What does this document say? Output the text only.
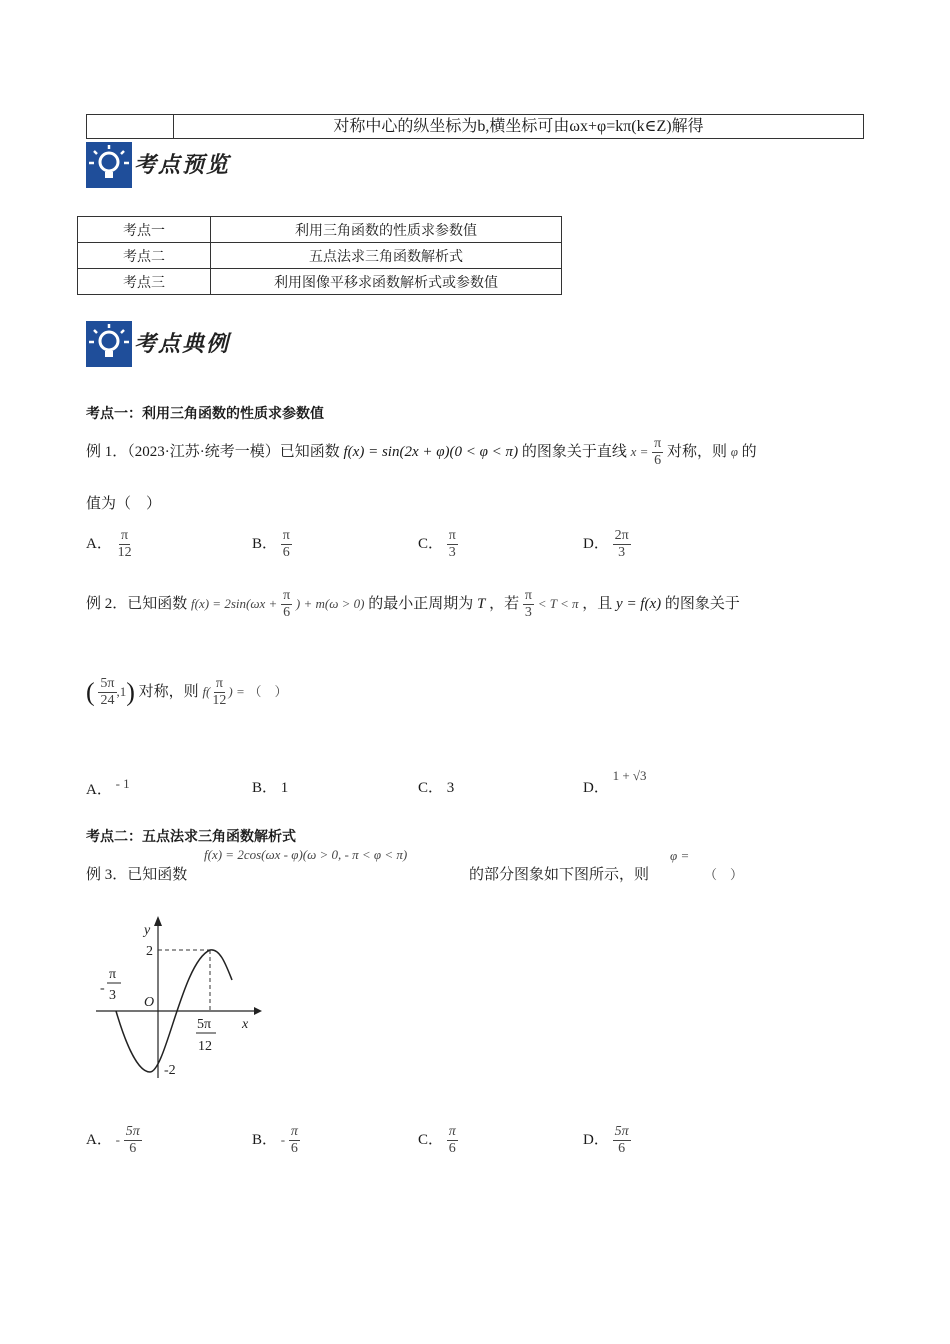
对称中心的纵坐标为b,横坐标可由ωx+φ=kπ(k∈Z)解得
考点预览
考点一	利用三角函数的性质求参数值
考点二	五点法求三角函数解析式
考点三	利用图像平移求函数解析式或参数值
考点典例
考点一：利用三角函数的性质求参数值
例 1．（2023·江苏·统考一模）已知函数 f(x) = sin(2x + φ)(0 < φ < π) 的图象关于直线 $x = \frac{\pi}{6}$ 对称，则 φ 的
值为（　）
A． $\frac{\pi}{12}$	B． $\frac{\pi}{6}$	C． $\frac{\pi}{3}$	D． $\frac{2\pi}{3}$
例 2．已知函数 $f(x) = 2\sin(\omega x + \frac{\pi}{6}$ ) + m(ω > 0) 的最小正周期为 T ，若 $\frac{\pi}{3} < T < \pi$ ，且 y = f(x) 的图象关于
( $\frac{5\pi}{24} ,1$) 对称，则 $f( \frac{\pi}{12}$ ) = （　）
A． - 1	B． 1	C． 3	D． 1 + √3
考点二：五点法求三角函数解析式
f(x) = 2cos(ωx - φ)(ω > 0, - π < φ < π)
例 3．已知函数	的部分图象如下图所示，则
φ =
（　）
y
x
O
2
-2
-
π
3
5π
12
A． - $\frac{5\pi}{6}$	B． - $\frac{\pi}{6}$	C． $\frac{\pi}{6}$	D． $\frac{5\pi}{6}$
